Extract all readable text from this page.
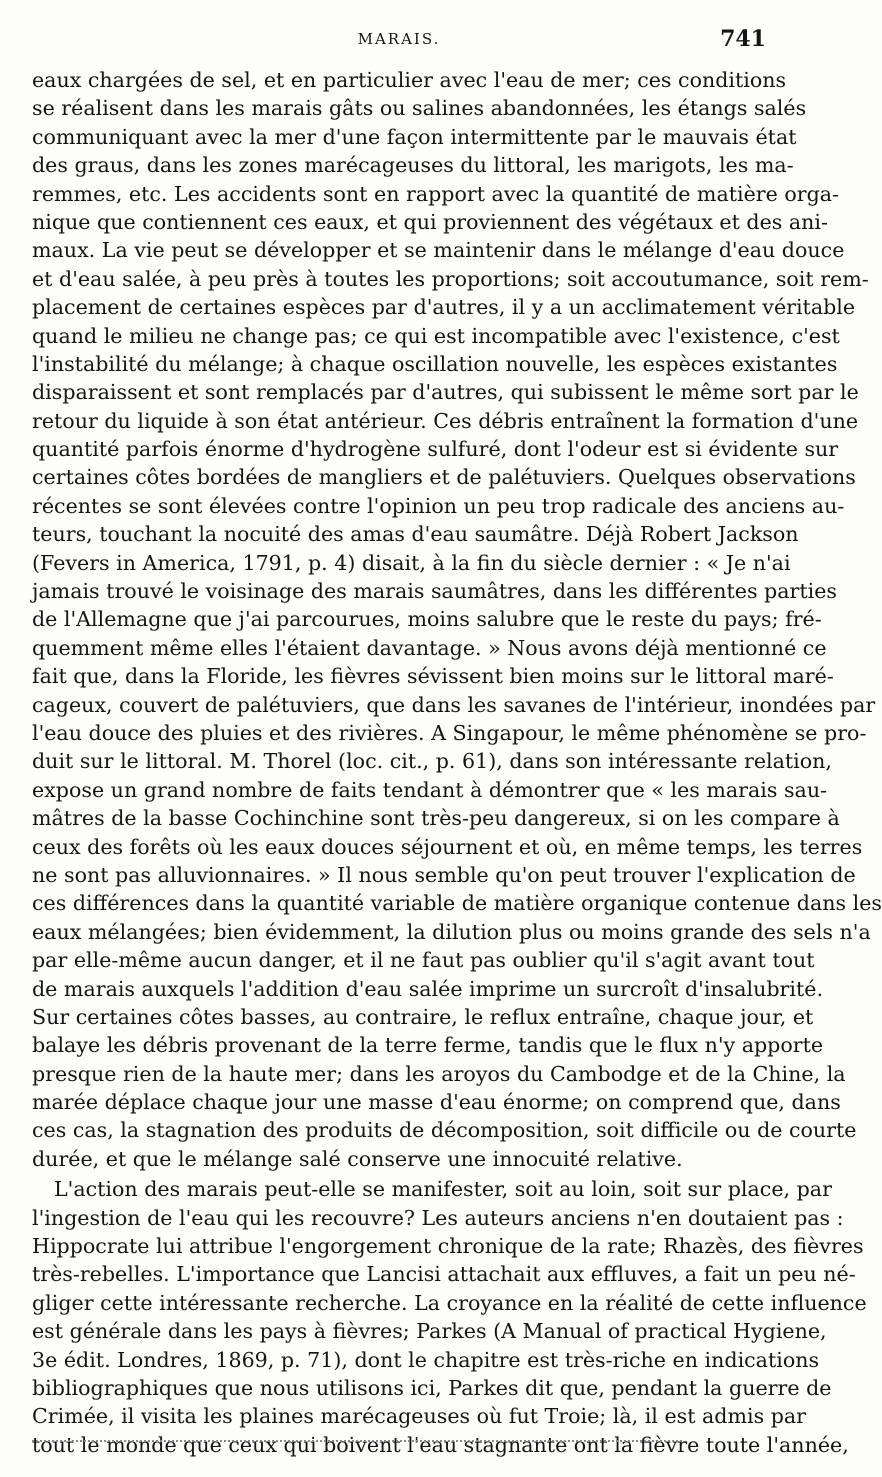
MARAIS.	741
eaux chargées de sel, et en particulier avec l'eau de mer; ces conditions
se réalisent dans les marais gâts ou salines abandonnées, les étangs salés
communiquant avec la mer d'une façon intermittente par le mauvais état
des graus, dans les zones marécageuses du littoral, les marigots, les ma-
remmes, etc. Les accidents sont en rapport avec la quantité de matière orga-
nique que contiennent ces eaux, et qui proviennent des végétaux et des ani-
maux. La vie peut se développer et se maintenir dans le mélange d'eau douce
et d'eau salée, à peu près à toutes les proportions; soit accoutumance, soit rem-
placement de certaines espèces par d'autres, il y a un acclimatement véritable
quand le milieu ne change pas; ce qui est incompatible avec l'existence, c'est
l'instabilité du mélange; à chaque oscillation nouvelle, les espèces existantes
disparaissent et sont remplacés par d'autres, qui subissent le même sort par le
retour du liquide à son état antérieur. Ces débris entraînent la formation d'une
quantité parfois énorme d'hydrogène sulfuré, dont l'odeur est si évidente sur
certaines côtes bordées de mangliers et de palétuviers. Quelques observations
récentes se sont élevées contre l'opinion un peu trop radicale des anciens au-
teurs, touchant la nocuité des amas d'eau saumâtre. Déjà Robert Jackson
(Fevers in America, 1791, p. 4) disait, à la fin du siècle dernier : « Je n'ai
jamais trouvé le voisinage des marais saumâtres, dans les différentes parties
de l'Allemagne que j'ai parcourues, moins salubre que le reste du pays; fré-
quemment même elles l'étaient davantage. » Nous avons déjà mentionné ce
fait que, dans la Floride, les fièvres sévissent bien moins sur le littoral maré-
cageux, couvert de palétuviers, que dans les savanes de l'intérieur, inondées par
l'eau douce des pluies et des rivières. A Singapour, le même phénomène se pro-
duit sur le littoral. M. Thorel (loc. cit., p. 61), dans son intéressante relation,
expose un grand nombre de faits tendant à démontrer que « les marais sau-
mâtres de la basse Cochinchine sont très-peu dangereux, si on les compare à
ceux des forêts où les eaux douces séjournent et où, en même temps, les terres
ne sont pas alluvionnaires. » Il nous semble qu'on peut trouver l'explication de
ces différences dans la quantité variable de matière organique contenue dans les
eaux mélangées; bien évidemment, la dilution plus ou moins grande des sels n'a
par elle-même aucun danger, et il ne faut pas oublier qu'il s'agit avant tout
de marais auxquels l'addition d'eau salée imprime un surcroît d'insalubrité.
Sur certaines côtes basses, au contraire, le reflux entraîne, chaque jour, et
balaye les débris provenant de la terre ferme, tandis que le flux n'y apporte
presque rien de la haute mer; dans les aroyos du Cambodge et de la Chine, la
marée déplace chaque jour une masse d'eau énorme; on comprend que, dans
ces cas, la stagnation des produits de décomposition, soit difficile ou de courte
durée, et que le mélange salé conserve une innocuité relative.
L'action des marais peut-elle se manifester, soit au loin, soit sur place, par
l'ingestion de l'eau qui les recouvre? Les auteurs anciens n'en doutaient pas :
Hippocrate lui attribue l'engorgement chronique de la rate; Rhazès, des fièvres
très-rebelles. L'importance que Lancisi attachait aux effluves, a fait un peu né-
gliger cette intéressante recherche. La croyance en la réalité de cette influence
est générale dans les pays à fièvres; Parkes (A Manual of practical Hygiene,
3e édit. Londres, 1869, p. 71), dont le chapitre est très-riche en indications
bibliographiques que nous utilisons ici, Parkes dit que, pendant la guerre de
Crimée, il visita les plaines marécageuses où fut Troie; là, il est admis par
tout le monde que ceux qui boivent l'eau stagnante ont la fièvre toute l'année,
